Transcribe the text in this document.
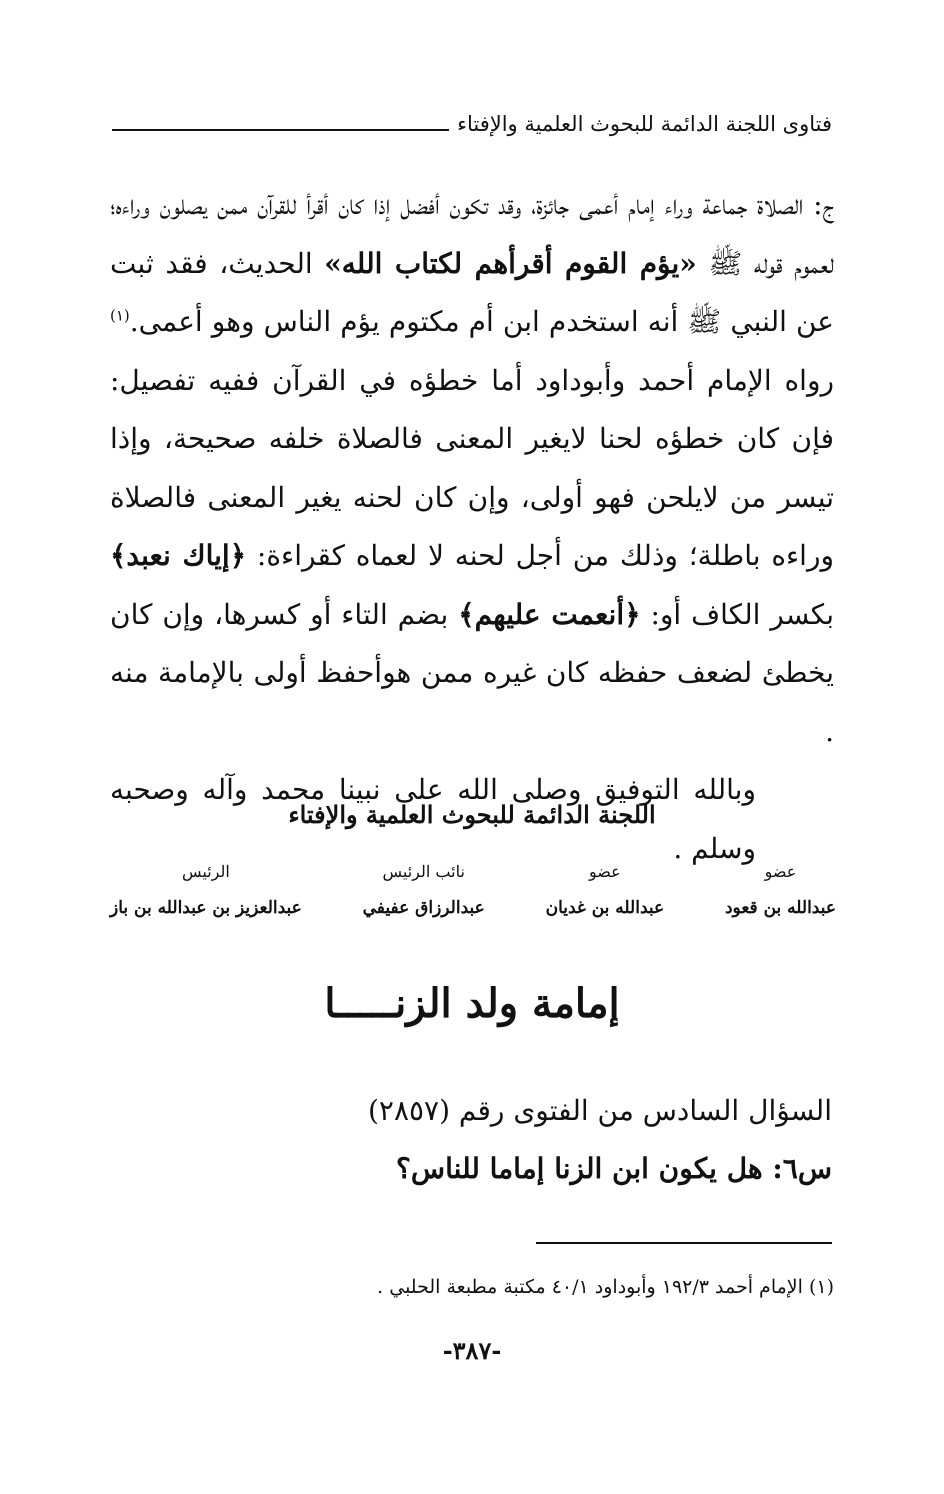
فتاوى اللجنة الدائمة للبحوث العلمية والإفتاء

ج: الصلاة جماعة وراء إمام أعمى جائزة، وقد تكون أفضل إذا كان أقرأ للقرآن ممن يصلون وراءه؛ لعموم قوله ﷺ «يؤم القوم أقرأهم لكتاب الله» الحديث، فقد ثبت عن النبي ﷺ أنه استخدم ابن أم مكتوم يؤم الناس وهو أعمى.$^{(١)}$ رواه الإمام أحمد وأبوداود أما خطؤه في القرآن ففيه تفصيل: فإن كان خطؤه لحنا لايغير المعنى فالصلاة خلفه صحيحة، وإذا تيسر من لايلحن فهو أولى، وإن كان لحنه يغير المعنى فالصلاة وراءه باطلة؛ وذلك من أجل لحنه لا لعماه كقراءة: ﴿إياك نعبد﴾ بكسر الكاف أو: ﴿أنعمت عليهم﴾ بضم التاء أو كسرها، وإن كان يخطئ لضعف حفظه كان غيره ممن هوأحفظ أولى بالإمامة منه .

وبالله التوفيق وصلى الله على نبينا محمد وآله وصحبه وسلم .

اللجنة الدائمة للبحوث العلمية والإفتاء
عضو
عبدالله بن قعود
عضو
عبدالله بن غديان
نائب الرئيس
عبدالرزاق عفيفي
الرئيس
عبدالعزيز بن عبدالله بن باز
إمامة ولد الزنـــــا
السؤال السادس من الفتوى رقم (٢٨٥٧)
س٦: هل يكون ابن الزنا إماما للناس؟
(١) الإمام أحمد ١٩٢/٣ وأبوداود ٤٠/١ مكتبة مطبعة الحلبي .
-٣٨٧-
